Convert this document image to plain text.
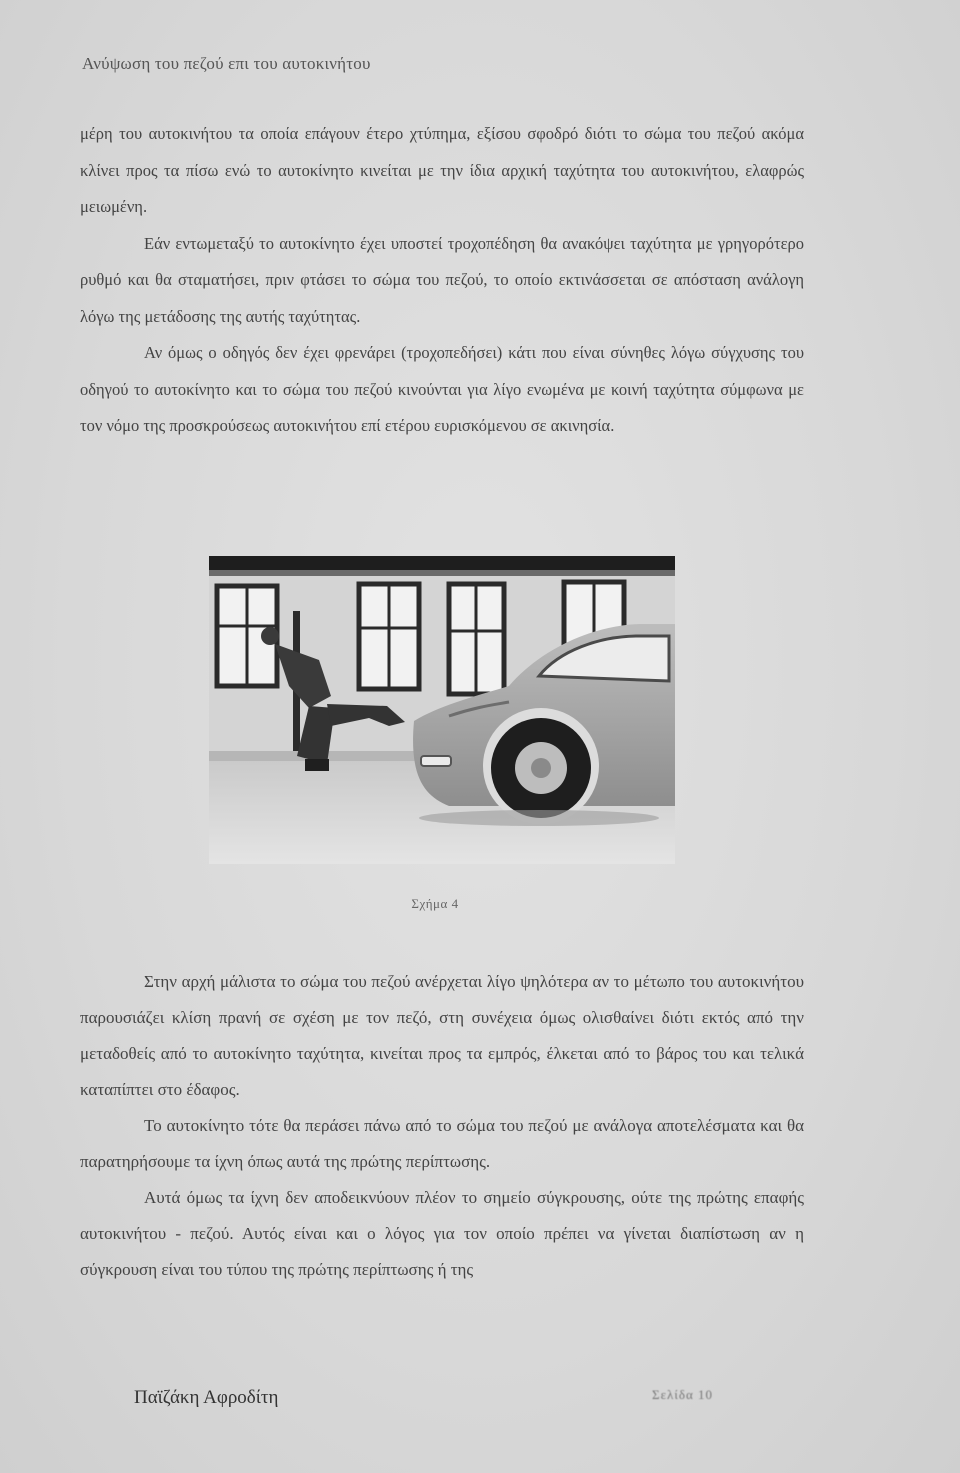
Ανύψωση του πεζού επι του αυτοκινήτου

μέρη του αυτοκινήτου τα οποία επάγουν έτερο χτύπημα, εξίσου σφοδρό διότι το σώμα του πεζού ακόμα κλίνει προς τα πίσω ενώ το αυτοκίνητο κινείται με την ίδια αρχική ταχύτητα του αυτοκινήτου, ελαφρώς μειωμένη.

Εάν εντωμεταξύ το αυτοκίνητο έχει υποστεί τροχοπέδηση θα ανακόψει ταχύτητα με γρηγορότερο ρυθμό και θα σταματήσει, πριν φτάσει το σώμα του πεζού, το οποίο εκτινάσσεται σε απόσταση ανάλογη λόγω της μετάδοσης της αυτής ταχύτητας.

Αν όμως ο οδηγός δεν έχει φρενάρει (τροχοπεδήσει) κάτι που είναι σύνηθες λόγω σύγχυσης του οδηγού το αυτοκίνητο και το σώμα του πεζού κινούνται για λίγο ενωμένα με κοινή ταχύτητα σύμφωνα με τον νόμο της προσκρούσεως αυτοκινήτου επί ετέρου ευρισκόμενου σε ακινησία.

Σχήμα 4

Στην αρχή μάλιστα το σώμα του πεζού ανέρχεται λίγο ψηλότερα αν το μέτωπο του αυτοκινήτου παρουσιάζει κλίση πρανή σε σχέση με τον πεζό, στη συνέχεια όμως ολισθαίνει διότι εκτός από την μεταδοθείς από το αυτοκίνητο ταχύτητα, κινείται προς τα εμπρός, έλκεται από το βάρος του και τελικά καταπίπτει στο έδαφος.

Το αυτοκίνητο τότε θα περάσει πάνω από το σώμα του πεζού με ανάλογα αποτελέσματα και θα παρατηρήσουμε τα ίχνη όπως αυτά της πρώτης περίπτωσης.

Αυτά όμως τα ίχνη δεν αποδεικνύουν πλέον το σημείο σύγκρουσης, ούτε της πρώτης επαφής αυτοκινήτου - πεζού. Αυτός είναι και ο λόγος για τον οποίο πρέπει να γίνεται διαπίστωση αν η σύγκρουση είναι του τύπου της πρώτης περίπτωσης ή της

Παϊζάκη Αφροδίτη	Σελίδα 10
